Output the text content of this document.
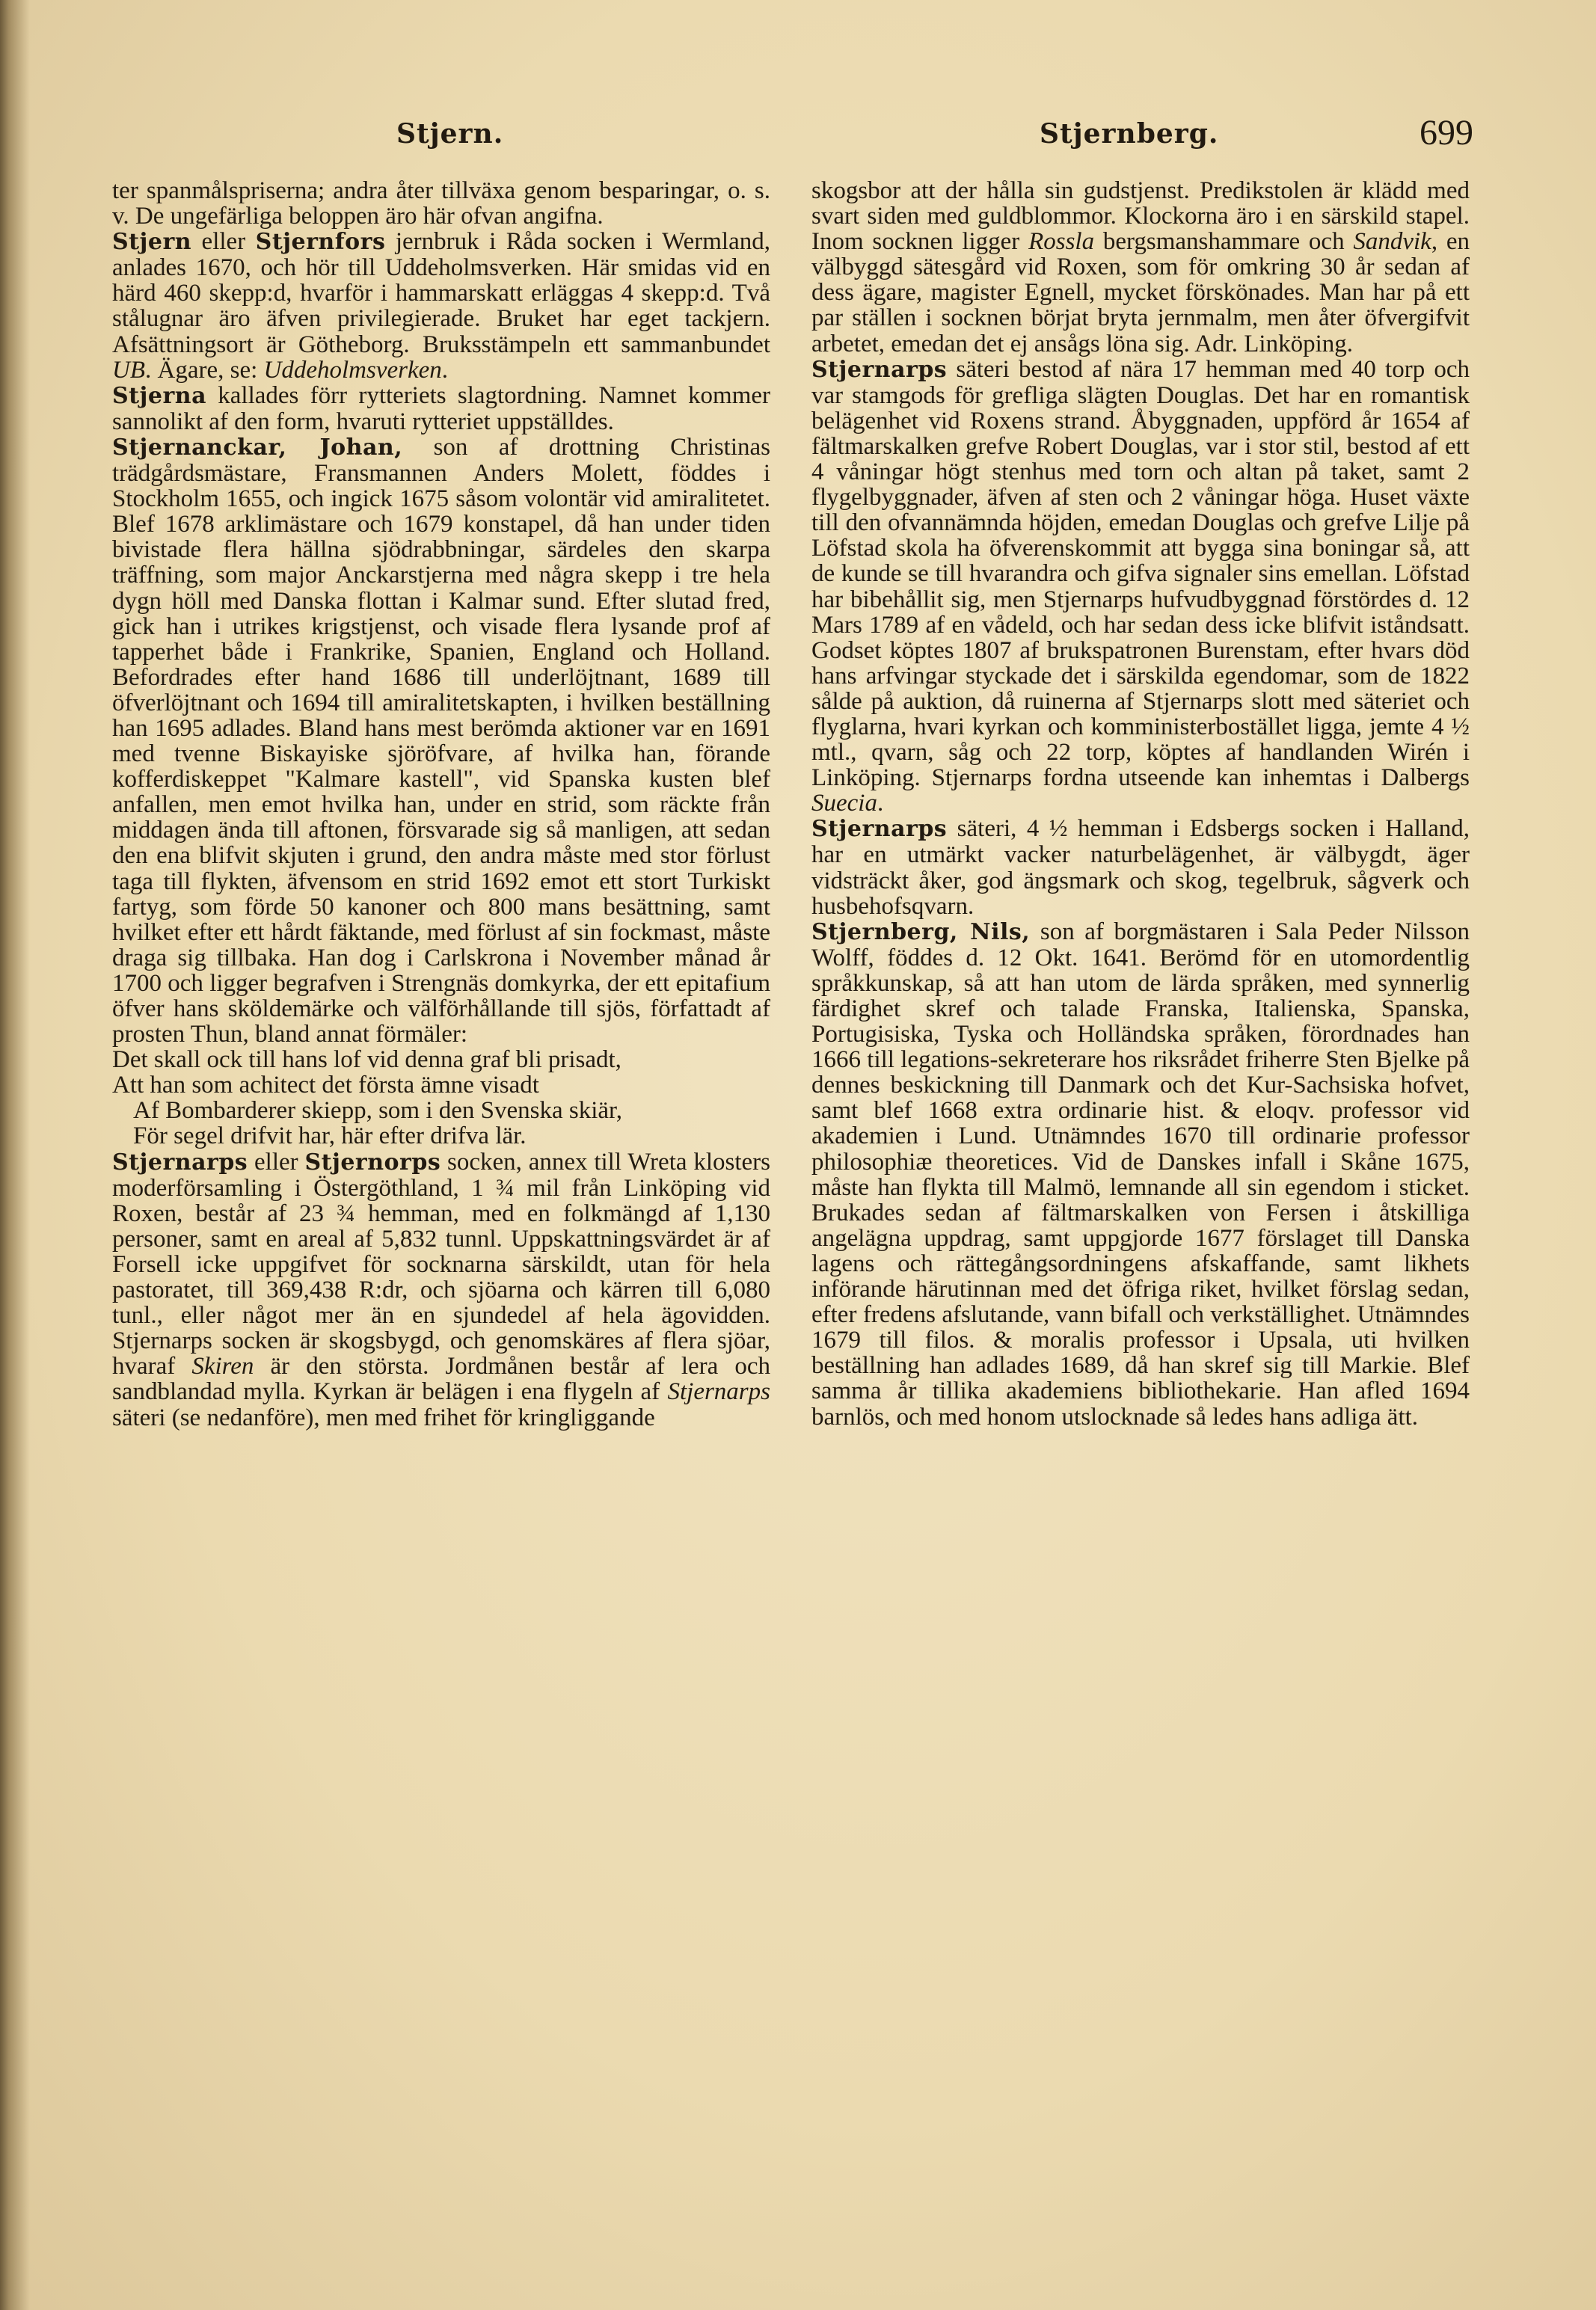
Stjern.	Stjernberg.	699

ter spanmålspriserna; andra åter tillväxa genom besparingar, o. s. v. De ungefärliga beloppen äro här ofvan angifna.

Stjern eller Stjernfors jernbruk i Råda socken i Wermland, anlades 1670, och hör till Uddeholmsverken. Här smidas vid en härd 460 skepp:d, hvarför i hammarskatt erläggas 4 skepp:d. Två stålugnar äro äfven privilegierade. Bruket har eget tackjern. Afsättningsort är Götheborg. Bruksstämpeln ett sammanbundet UB. Ägare, se: Uddeholmsverken.

Stjerna kallades förr rytteriets slagtordning. Namnet kommer sannolikt af den form, hvaruti rytteriet uppställdes.

Stjernanckar, Johan, son af drottning Christinas trädgårdsmästare, Fransmannen Anders Molett, föddes i Stockholm 1655, och ingick 1675 såsom volontär vid amiralitetet. Blef 1678 arklimästare och 1679 konstapel, då han under tiden bivistade flera hällna sjödrabbningar, särdeles den skarpa träffning, som major Anckarstjerna med några skepp i tre hela dygn höll med Danska flottan i Kalmar sund. Efter slutad fred, gick han i utrikes krigstjenst, och visade flera lysande prof af tapperhet både i Frankrike, Spanien, England och Holland. Befordrades efter hand 1686 till underlöjtnant, 1689 till öfverlöjtnant och 1694 till amiralitetskapten, i hvilken beställning han 1695 adlades. Bland hans mest berömda aktioner var en 1691 med tvenne Biskayiske sjöröfvare, af hvilka han, förande kofferdiskeppet "Kalmare kastell", vid Spanska kusten blef anfallen, men emot hvilka han, under en strid, som räckte från middagen ända till aftonen, försvarade sig så manligen, att sedan den ena blifvit skjuten i grund, den andra måste med stor förlust taga till flykten, äfvensom en strid 1692 emot ett stort Turkiskt fartyg, som förde 50 kanoner och 800 mans besättning, samt hvilket efter ett hårdt fäktande, med förlust af sin fockmast, måste draga sig tillbaka. Han dog i Carlskrona i November månad år 1700 och ligger begrafven i Strengnäs domkyrka, der ett epitafium öfver hans sköldemärke och välförhållande till sjös, författadt af prosten Thun, bland annat förmäler:

Det skall ock till hans lof vid denna graf bli prisadt,

Att han som achitect det första ämne visadt

Af Bombarderer skiepp, som i den Svenska skiär,

För segel drifvit har, här efter drifva lär.

Stjernarps eller Stjernorps socken, annex till Wreta klosters moderförsamling i Östergöthland, 1 ¾ mil från Linköping vid Roxen, består af 23 ¾ hemman, med en folkmängd af 1,130 personer, samt en areal af 5,832 tunnl. Uppskattningsvärdet är af Forsell icke uppgifvet för socknarna särskildt, utan för hela pastoratet, till 369,438 R:dr, och sjöarna och kärren till 6,080 tunl., eller något mer än en sjundedel af hela ägovidden. Stjernarps socken är skogsbygd, och genomskäres af flera sjöar, hvaraf Skiren är den största. Jordmånen består af lera och sandblandad mylla. Kyrkan är belägen i ena flygeln af Stjernarps säteri (se nedanföre), men med frihet för kringliggande

skogsbor att der hålla sin gudstjenst. Predikstolen är klädd med svart siden med guldblommor. Klockorna äro i en särskild stapel. Inom socknen ligger Rossla bergsmanshammare och Sandvik, en välbyggd sätesgård vid Roxen, som för omkring 30 år sedan af dess ägare, magister Egnell, mycket förskönades. Man har på ett par ställen i socknen börjat bryta jernmalm, men åter öfvergifvit arbetet, emedan det ej ansågs löna sig. Adr. Linköping.

Stjernarps säteri bestod af nära 17 hemman med 40 torp och var stamgods för grefliga slägten Douglas. Det har en romantisk belägenhet vid Roxens strand. Åbyggnaden, uppförd år 1654 af fältmarskalken grefve Robert Douglas, var i stor stil, bestod af ett 4 våningar högt stenhus med torn och altan på taket, samt 2 flygelbyggnader, äfven af sten och 2 våningar höga. Huset växte till den ofvannämnda höjden, emedan Douglas och grefve Lilje på Löfstad skola ha öfverenskommit att bygga sina boningar så, att de kunde se till hvarandra och gifva signaler sins emellan. Löfstad har bibehållit sig, men Stjernarps hufvudbyggnad förstördes d. 12 Mars 1789 af en vådeld, och har sedan dess icke blifvit iståndsatt. Godset köptes 1807 af brukspatronen Burenstam, efter hvars död hans arfvingar styckade det i särskilda egendomar, som de 1822 sålde på auktion, då ruinerna af Stjernarps slott med säteriet och flyglarna, hvari kyrkan och komministerbostället ligga, jemte 4 ½ mtl., qvarn, såg och 22 torp, köptes af handlanden Wirén i Linköping. Stjernarps fordna utseende kan inhemtas i Dalbergs Suecia.

Stjernarps säteri, 4 ½ hemman i Edsbergs socken i Halland, har en utmärkt vacker naturbelägenhet, är välbygdt, äger vidsträckt åker, god ängsmark och skog, tegelbruk, sågverk och husbehofsqvarn.

Stjernberg, Nils, son af borgmästaren i Sala Peder Nilsson Wolff, föddes d. 12 Okt. 1641. Berömd för en utomordentlig språkkunskap, så att han utom de lärda språken, med synnerlig färdighet skref och talade Franska, Italienska, Spanska, Portugisiska, Tyska och Holländska språken, förordnades han 1666 till legations-sekreterare hos riksrådet friherre Sten Bjelke på dennes beskickning till Danmark och det Kur-Sachsiska hofvet, samt blef 1668 extra ordinarie hist. & eloqv. professor vid akademien i Lund. Utnämndes 1670 till ordinarie professor philosophiæ theoretices. Vid de Danskes infall i Skåne 1675, måste han flykta till Malmö, lemnande all sin egendom i sticket. Brukades sedan af fältmarskalken von Fersen i åtskilliga angelägna uppdrag, samt uppgjorde 1677 förslaget till Danska lagens och rättegångsordningens afskaffande, samt likhets införande härutinnan med det öfriga riket, hvilket förslag sedan, efter fredens afslutande, vann bifall och verkställighet. Utnämndes 1679 till filos. & moralis professor i Upsala, uti hvilken beställning han adlades 1689, då han skref sig till Markie. Blef samma år tillika akademiens bibliothekarie. Han afled 1694 barnlös, och med honom utslocknade så ledes hans adliga ätt.
